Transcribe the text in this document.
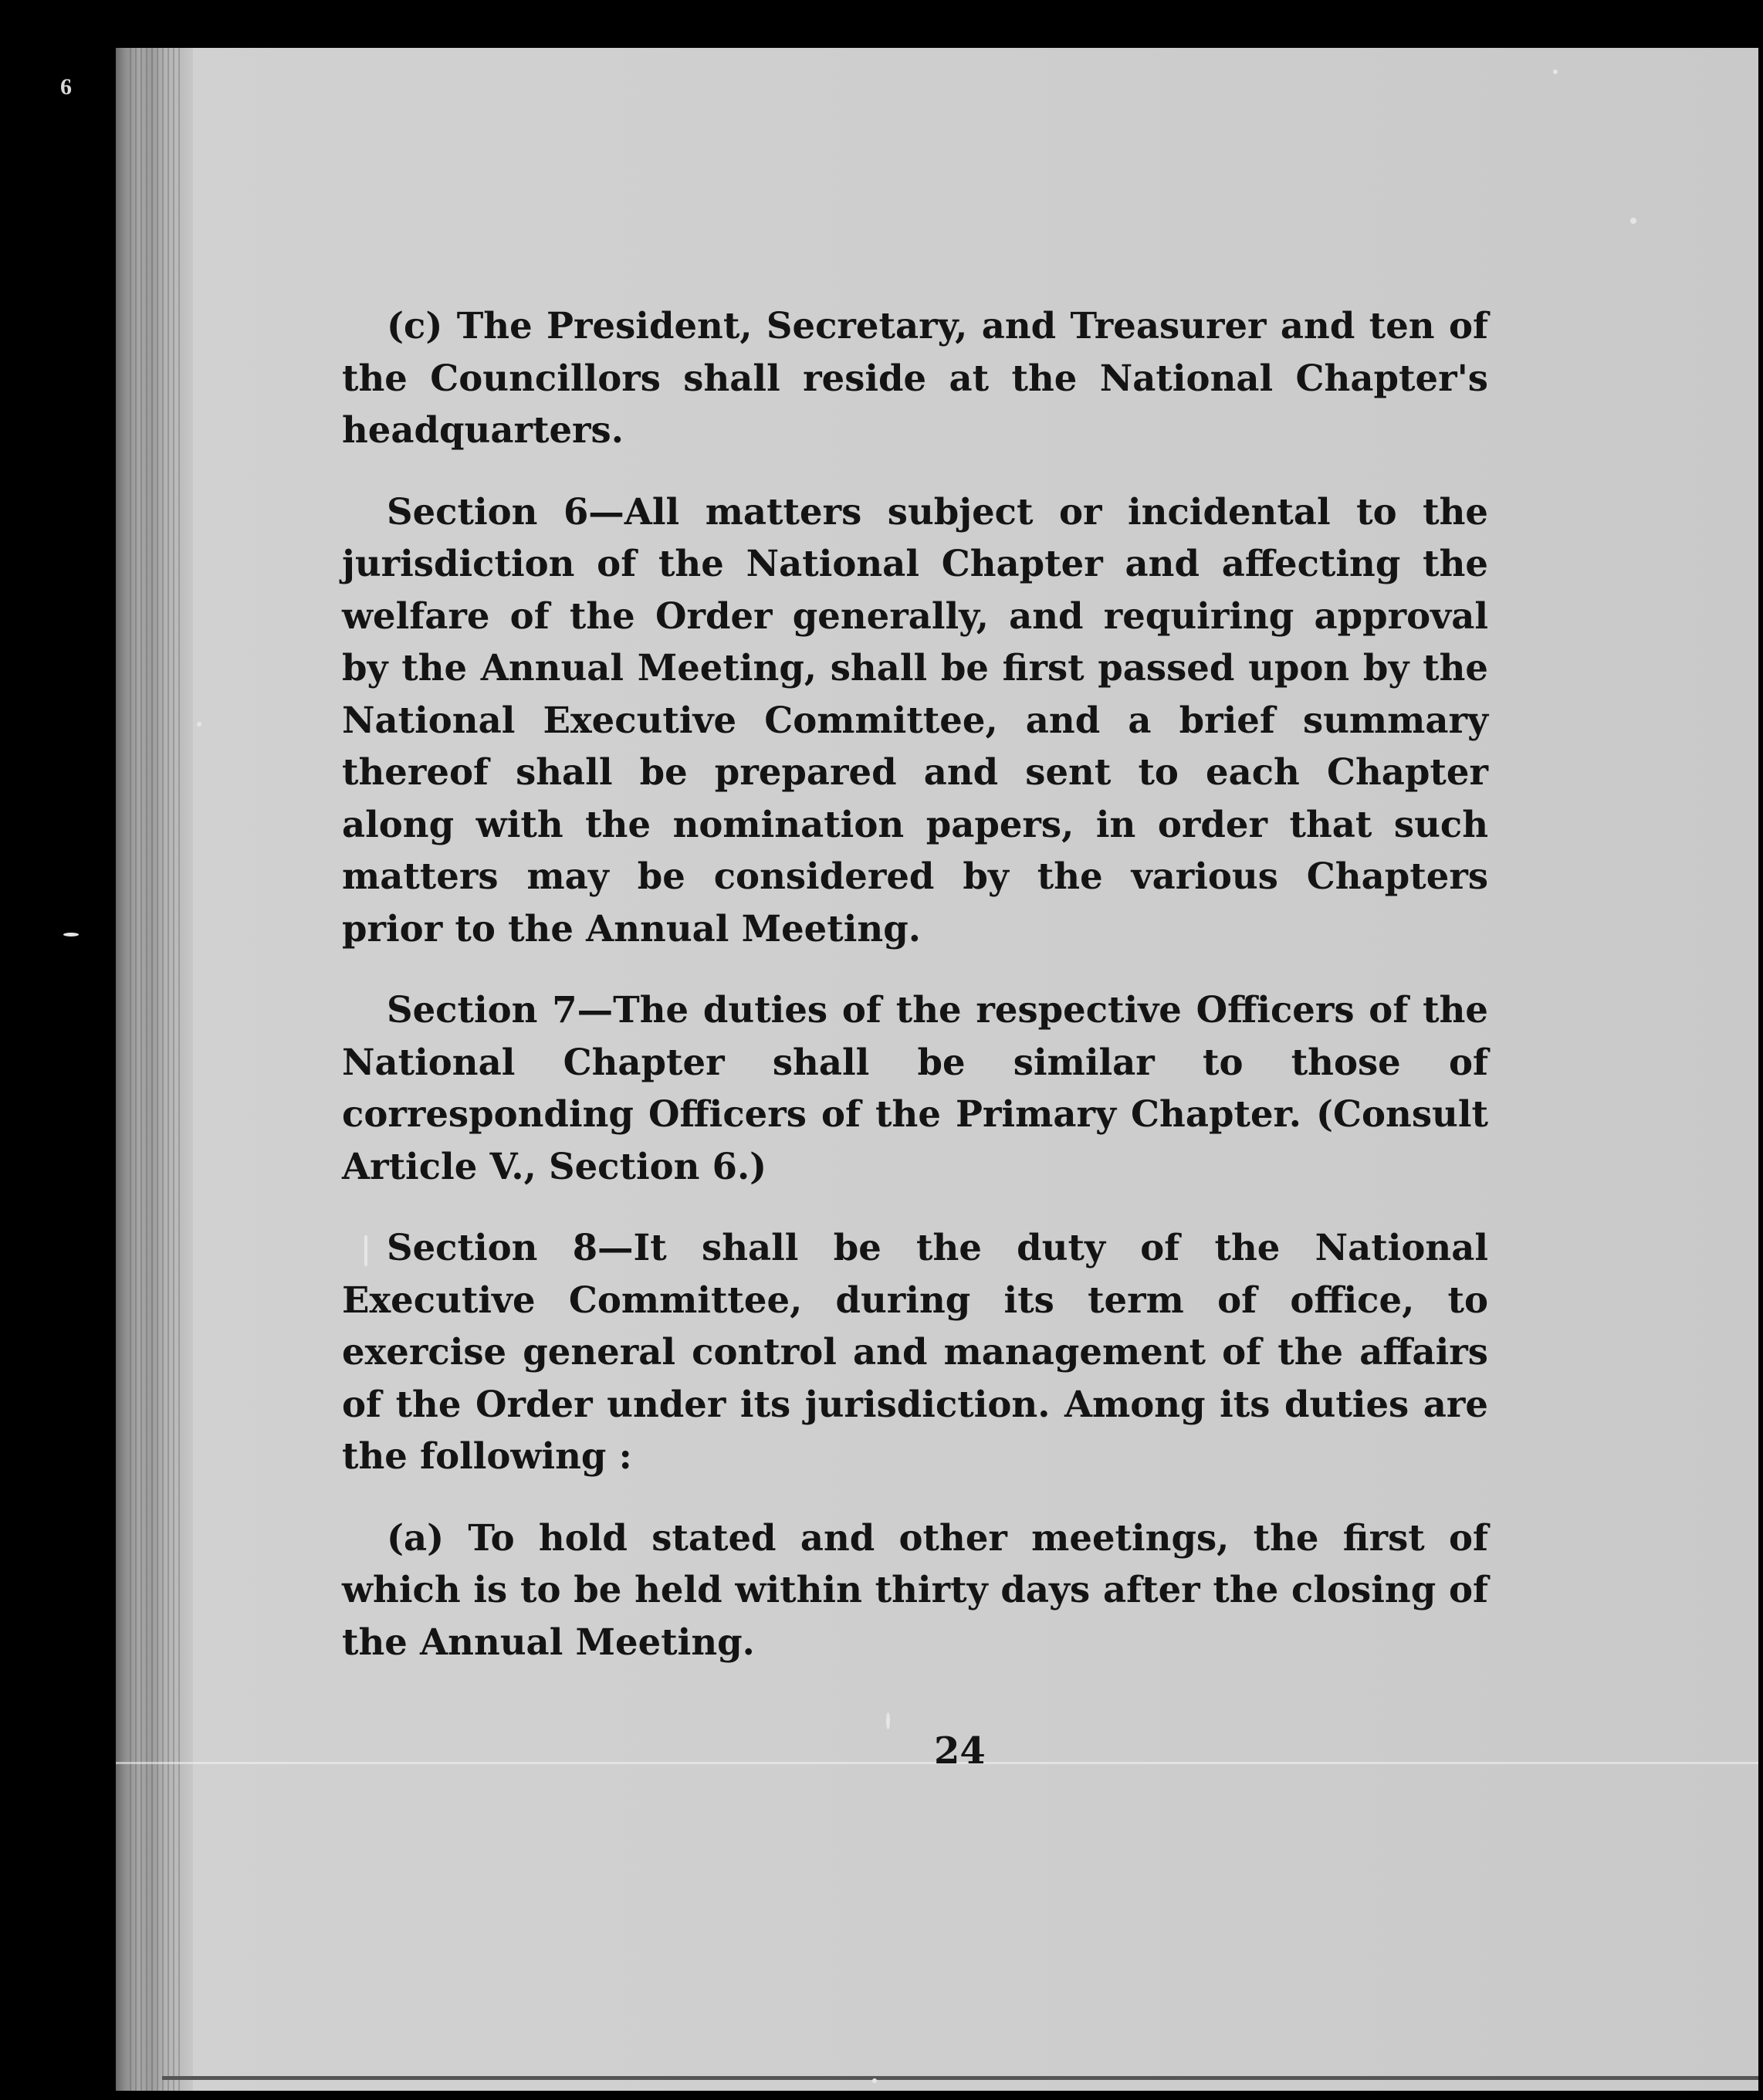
6

(c) The President, Secretary, and Treasurer and ten of the Councillors shall reside at the National Chapter's headquarters.

Section 6—All matters subject or incidental to the jurisdiction of the National Chapter and affecting the welfare of the Order generally, and requiring approval by the Annual Meeting, shall be first passed upon by the National Executive Committee, and a brief summary thereof shall be prepared and sent to each Chapter along with the nomination papers, in order that such matters may be considered by the various Chapters prior to the Annual Meeting.

Section 7—The duties of the respective Officers of the National Chapter shall be similar to those of corresponding Officers of the Primary Chapter. (Consult Article V., Section 6.)

Section 8—It shall be the duty of the National Executive Committee, during its term of office, to exercise general control and management of the affairs of the Order under its jurisdiction. Among its duties are the following :

(a) To hold stated and other meetings, the first of which is to be held within thirty days after the closing of the Annual Meeting.

24
